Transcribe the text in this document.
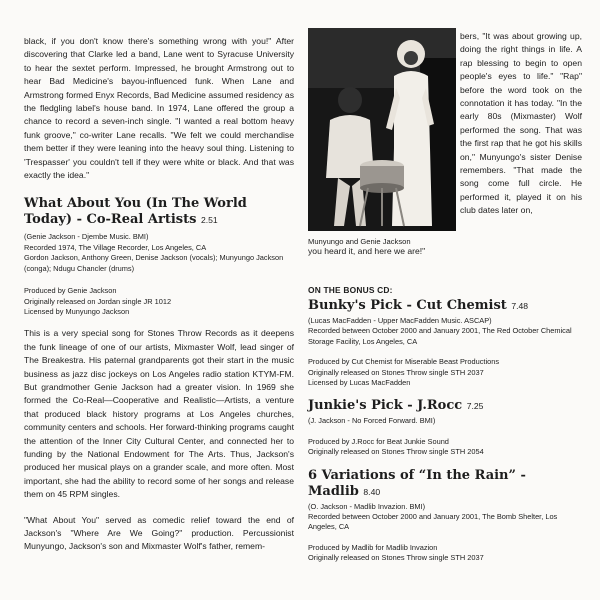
black, if you don't know there's something wrong with you!" After discovering that Clarke led a band, Lane went to Syracuse University to hear the sextet perform. Impressed, he brought Armstrong out to hear Bad Medicine's bayou-influenced funk. When Lane and Armstrong formed Enyx Records, Bad Medicine assumed residency as the fledgling label's house band. In 1974, Lane offered the group a chance to record a seven-inch single. "I wanted a real bottom heavy funk groove," co-writer Lane recalls. "We felt we could merchandise them better if they were leaning into the heavy soul thing. Listening to 'Trespasser' you couldn't tell if they were white or black. And that was exactly the idea."

What About You (In The World Today) - Co-Real Artists 2.51
(Genie Jackson - Djembe Music. BMI)
Recorded 1974, The Village Recorder, Los Angeles, CA
Gordon Jackson, Anthony Green, Denise Jackson (vocals); Munyungo Jackson (conga); Ndugu Chancler (drums)
Produced by Genie Jackson
Originally released on Jordan single JR 1012
Licensed by Munyungo Jackson

This is a very special song for Stones Throw Records as it deepens the funk lineage of one of our artists, Mixmaster Wolf, lead singer of The Breakestra. His paternal grandparents got their start in the music business as jazz disc jockeys on Los Angeles radio station KTYM-FM. But grandmother Genie Jackson had a greater vision. In 1969 she formed the Co-Real—Cooperative and Realistic—Artists, a venture that produced black history programs at Los Angeles churches, community centers and schools. Her forward-thinking programs caught the attention of the Inner City Cultural Center, and connected her to funding by the National Endowment for The Arts. Thus, Jackson's produced her musical plays on a grander scale, and more often. Most important, she had the ability to record some of her songs and release them on 45 RPM singles.

"What About You" served as comedic relief toward the end of Jackson's "Where Are We Going?" production. Percussionist Munyungo, Jackson's son and Mixmaster Wolf's father, remem-

Munyungo and Genie Jackson

bers, "It was about growing up, doing the right things in life. A rap blessing to begin to open people's eyes to life." "Rap" before the word took on the connotation it has today. "In the early 80s (Mixmaster) Wolf performed the song. That was the first rap that he got his skills on," Munyungo's sister Denise remembers. "That made the song come full circle. He performed it, played it on his club dates later on,

you heard it, and here we are!"

ON THE BONUS CD:
Bunky's Pick - Cut Chemist 7.48
(Lucas MacFadden - Upper MacFadden Music. ASCAP)
Recorded between October 2000 and January 2001, The Red October Chemical Storage Facility, Los Angeles, CA
Produced by Cut Chemist for Miserable Beast Productions
Originally released on Stones Throw single STH 2037
Licensed by Lucas MacFadden
Junkie's Pick - J.Rocc 7.25
(J. Jackson - No Forced Forward. BMI)
Produced by J.Rocc for Beat Junkie Sound
Originally released on Stones Throw single STH 2054
6 Variations of “In the Rain” - Madlib 8.40
(O. Jackson - Madlib Invazion. BMI)
Recorded between October 2000 and January 2001, The Bomb Shelter, Los Angeles, CA
Produced by Madlib for Madlib Invazion
Originally released on Stones Throw single STH 2037
